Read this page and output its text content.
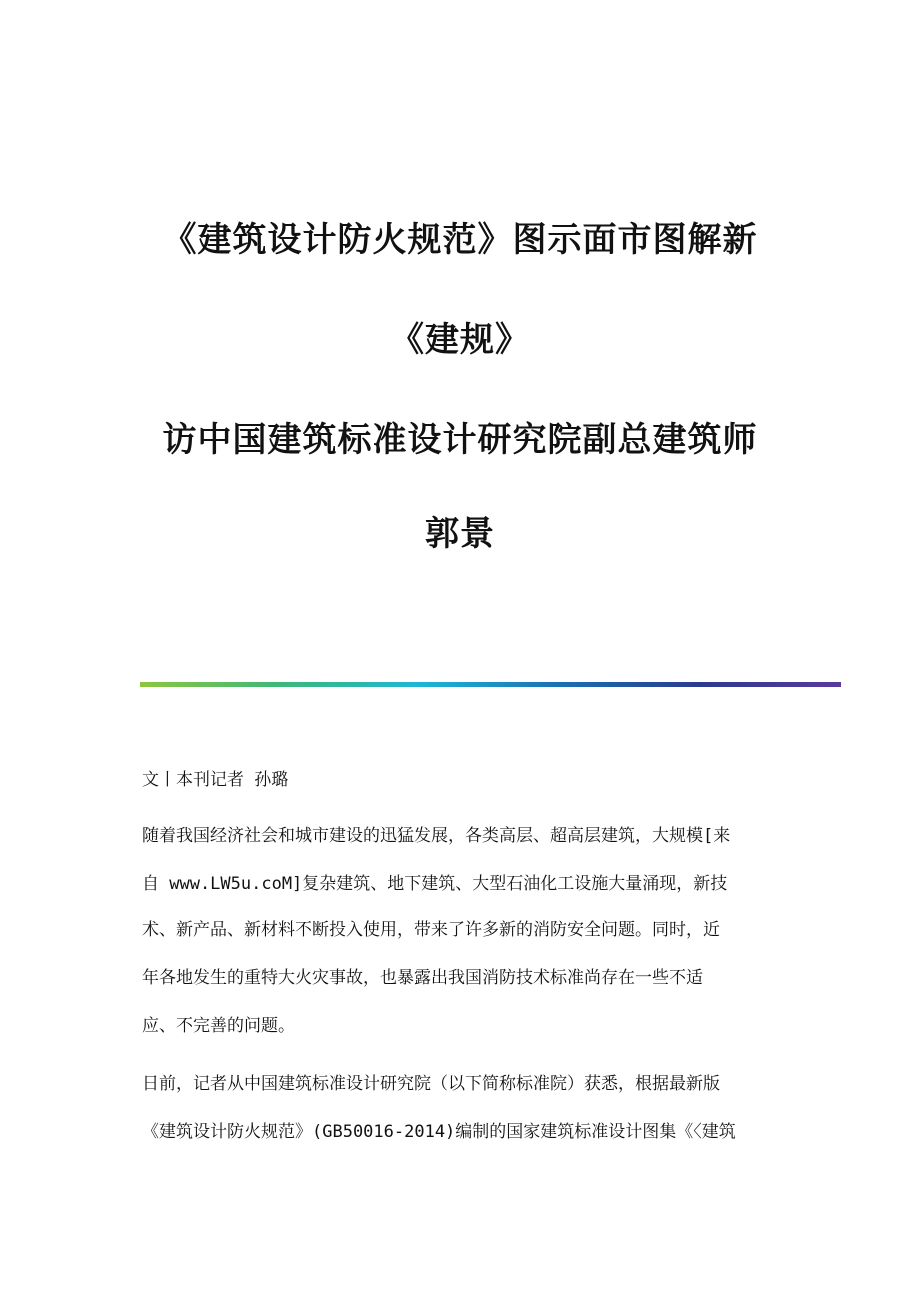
《建筑设计防火规范》图示面市图解新
《建规》
访中国建筑标准设计研究院副总建筑师
郭景
文丨本刊记者 孙璐
随着我国经济社会和城市建设的迅猛发展，各类高层、超高层建筑，大规模[来
自 www.LW5u.coM]复杂建筑、地下建筑、大型石油化工设施大量涌现，新技
术、新产品、新材料不断投入使用，带来了许多新的消防安全问题。同时，近
年各地发生的重特大火灾事故，也暴露出我国消防技术标准尚存在一些不适
应、不完善的问题。
日前，记者从中国建筑标准设计研究院（以下简称标准院）获悉，根据最新版
《建筑设计防火规范》(GB50016-2014)编制的国家建筑标准设计图集《〈建筑
